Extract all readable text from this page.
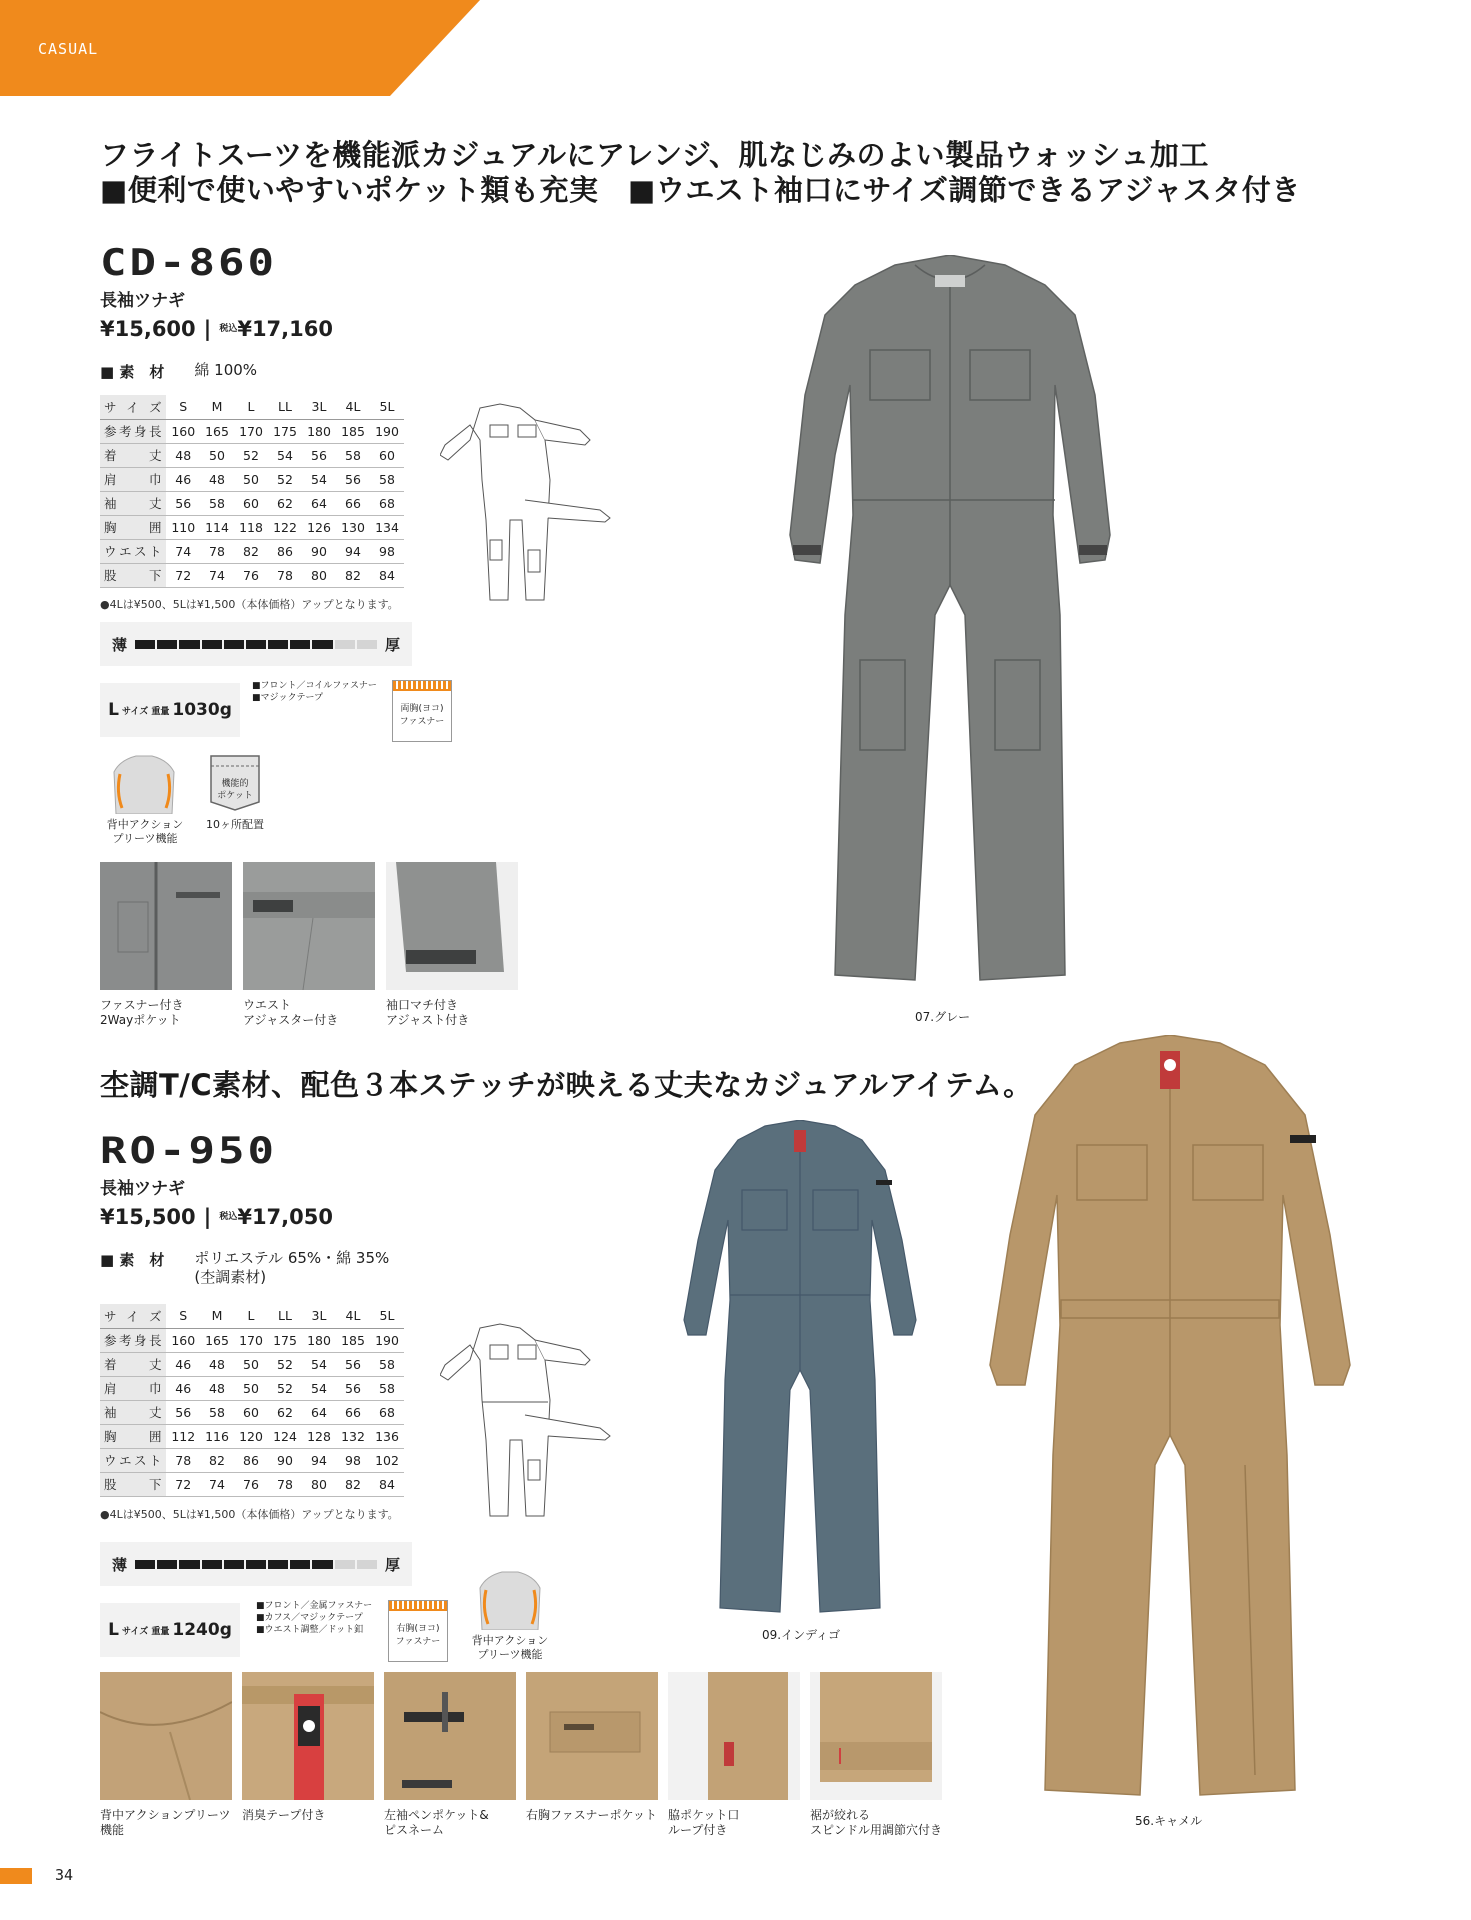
CASUAL
フライトスーツを機能派カジュアルにアレンジ、肌なじみのよい製品ウォッシュ加工
■便利で使いやすいポケット類も充実　■ウエスト袖口にサイズ調節できるアジャスタ付き
CD-860
長袖ツナギ
¥15,600 | 税込 ¥17,160
■ 素　材 綿 100%
サイズ	S	M	L	LL	3L	4L	5L
参考身長	160	165	170	175	180	185	190
着　丈	48	50	52	54	56	58	60
肩　巾	46	48	50	52	54	56	58
袖　丈	56	58	60	62	64	66	68
胸　囲	110	114	118	122	126	130	134
ウエスト	74	78	82	86	90	94	98
股　下	72	74	76	78	80	82	84
●4Lは¥500、5Lは¥1,500（本体価格）アップとなります。
薄	厚
L サイズ 重量 1030g
■フロント／コイルファスナー
■マジックテープ
両胸(ヨコ)
ファスナー
背中アクション
プリーツ機能
機能的
ポケット
10ヶ所配置
ファスナー付き
2Wayポケット
ウエスト
アジャスター付き
袖口マチ付き
アジャスト付き	07.グレー
杢調T/C素材、配色３本ステッチが映える丈夫なカジュアルアイテム。
RO-950
長袖ツナギ
¥15,500 | 税込 ¥17,050
■ 素　材 ポリエステル 65%・綿 35%
(杢調素材)
サイズ	S	M	L	LL	3L	4L	5L
参考身長	160	165	170	175	180	185	190
着　丈	46	48	50	52	54	56	58
肩　巾	46	48	50	52	54	56	58
袖　丈	56	58	60	62	64	66	68
胸　囲	112	116	120	124	128	132	136
ウエスト	78	82	86	90	94	98	102
股　下	72	74	76	78	80	82	84
●4Lは¥500、5Lは¥1,500（本体価格）アップとなります。
薄	厚
L サイズ 重量 1240g
■フロント／金属ファスナー
■カフス／マジックテープ
■ウエスト調整／ドット釦	右胸(ヨコ)
ファスナー	背中アクション
プリーツ機能
背中アクションプリーツ
機能
消臭テープ付き	左袖ペンポケット&
ピスネーム
右胸ファスナーポケット 脇ポケット口
ループ付き
裾が絞れる
スピンドル用調節穴付き
09.インディゴ
56.キャメル
34
